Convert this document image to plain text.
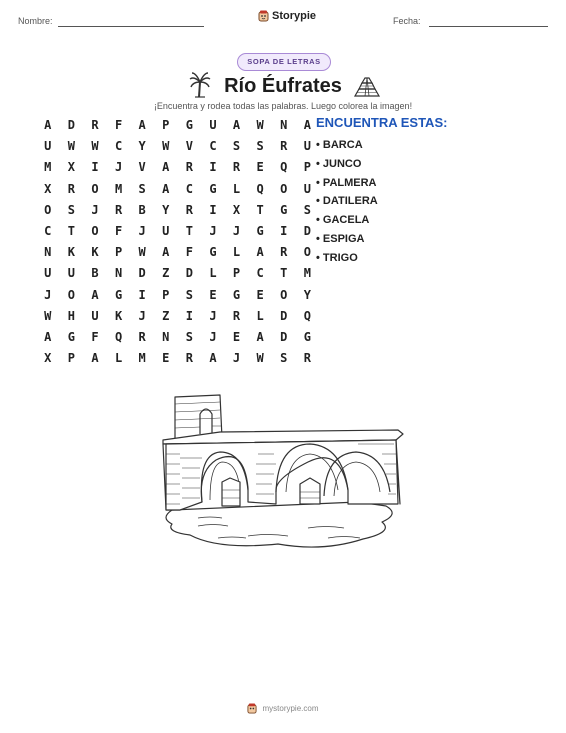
Nombre:	Storypie	Fecha:
SOPA DE LETRAS
Río Éufrates
¡Encuentra y rodea todas las palabras. Luego colorea la imagen!
A	D	R	F	A	P	G	U	A	W	N	A
U	W	W	C	Y	W	V	C	S	S	R	U
M	X	I	J	V	A	R	I	R	E	Q	P
X	R	O	M	S	A	C	G	L	Q	O	U
O	S	J	R	B	Y	R	I	X	T	G	S
C	T	O	F	J	U	T	J	J	G	I	D
N	K	K	P	W	A	F	G	L	A	R	O
U	U	B	N	D	Z	D	L	P	C	T	M
J	O	A	G	I	P	S	E	G	E	O	Y
W	H	U	K	J	Z	I	J	R	L	D	Q
A	G	F	Q	R	N	S	J	E	A	D	G
X	P	A	L	M	E	R	A	J	W	S	R
ENCUENTRA ESTAS:
• BARCA
• JUNCO
• PALMERA
• DATILERA
• GACELA
• ESPIGA
• TRIGO
mystorypie.com
